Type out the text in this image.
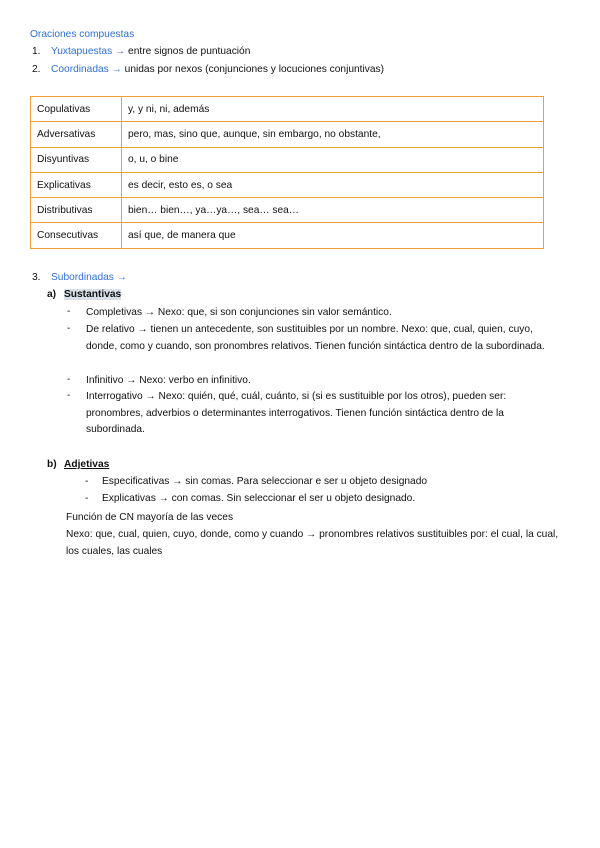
Oraciones compuestas
1. Yuxtapuestas → entre signos de puntuación
2. Coordinadas → unidas por nexos (conjunciones y locuciones conjuntivas)
Copulativas	y, y ni, ni, además
Adversativas	pero, mas, sino que, aunque, sin embargo, no obstante,
Disyuntivas	o, u, o bine
Explicativas	es decir, esto es, o sea
Distributivas	bien… bien…, ya…ya…, sea… sea…
Consecutivas	así que, de manera que
3. Subordinadas →
a) Sustantivas
- Completivas → Nexo: que, si son conjunciones sin valor semántico.
- De relativo → tienen un antecedente, son sustituibles por un nombre. Nexo: que, cual, quien, cuyo, donde, como y cuando, son pronombres relativos. Tienen función sintáctica dentro de la subordinada.
- Infinitivo → Nexo: verbo en infinitivo.
- Interrogativo → Nexo: quién, qué, cuál, cuánto, si (si es sustituible por los otros), pueden ser: pronombres, adverbios o determinantes interrogativos. Tienen función sintáctica dentro de la subordinada.
b) Adjetivas
- Especificativas → sin comas. Para seleccionar e ser u objeto designado
- Explicativas → con comas. Sin seleccionar el ser u objeto designado.
Función de CN mayoría de las veces
Nexo: que, cual, quien, cuyo, donde, como y cuando → pronombres relativos sustituibles por: el cual, la cual, los cuales, las cuales
